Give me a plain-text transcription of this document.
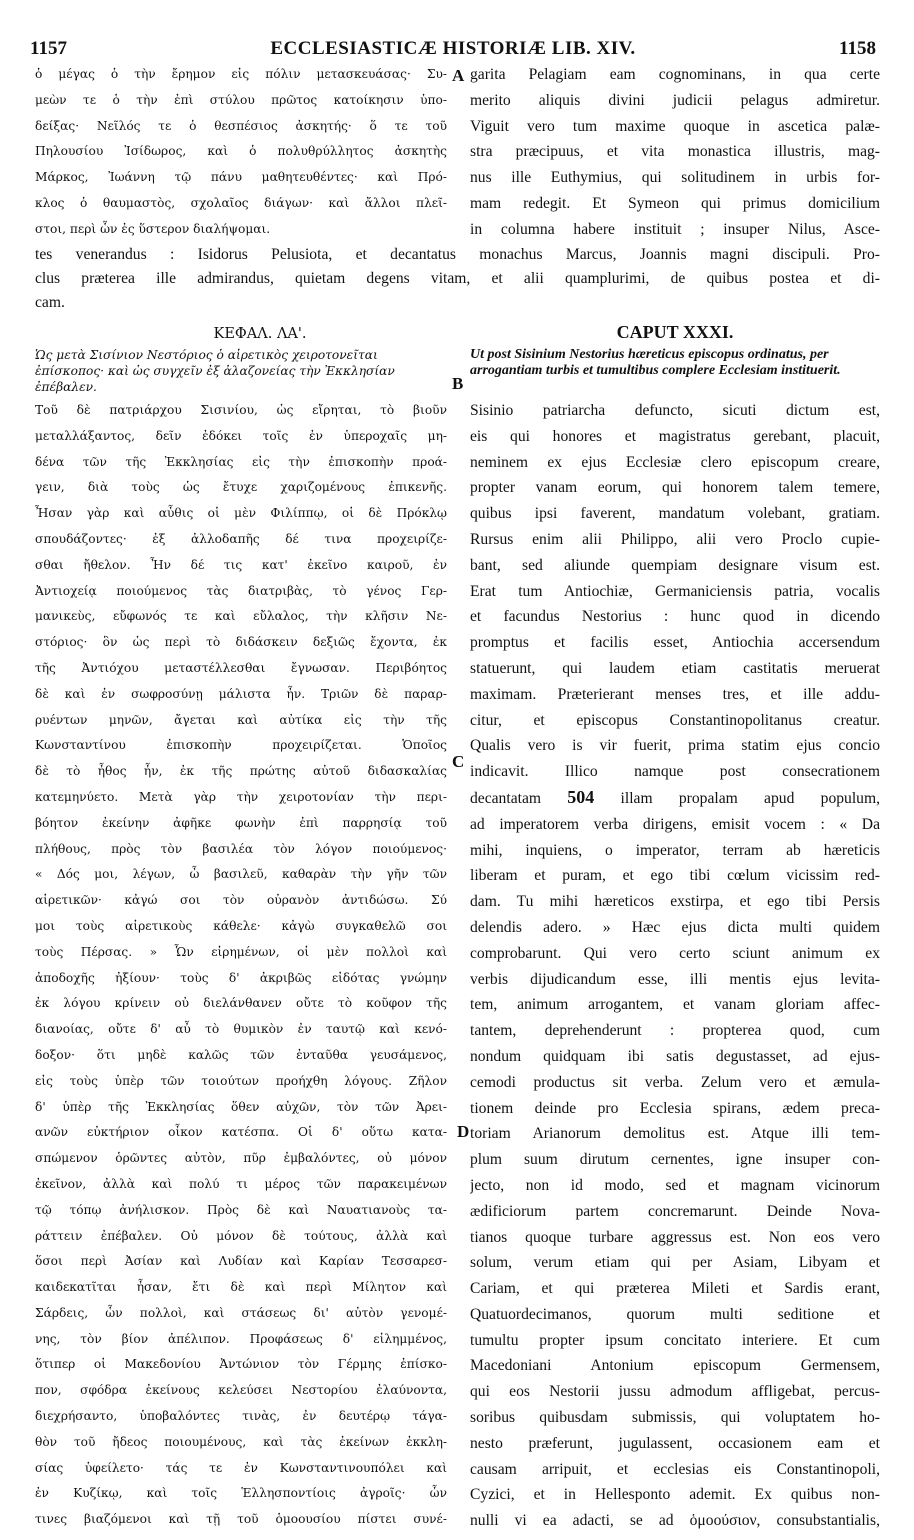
1157	ECCLESIASTICÆ HISTORIÆ LIB. XIV.	1158
ὁ μέγας ὁ τὴν ἔρημον εἰς πόλιν μετασκευάσας· Συ-
μεὼν τε ὁ τὴν ἐπὶ στύλου πρῶτος κατοίκησιν ὑπο-
δείξας· Νεῖλός τε ὁ θεσπέσιος ἀσκητής· ὅ τε τοῦ
Πηλουσίου Ἰσίδωρος, καὶ ὁ πολυθρύλλητος ἀσκητὴς
Μάρκος, Ἰωάννη τῷ πάνυ μαθητευθέντες· καὶ Πρό-
κλος ὁ θαυμαστὸς, σχολαῖος διάγων· καὶ ἄλλοι πλεῖ-
στοι, περὶ ὧν ἐς ὕστερον διαλήψομαι.
garita Pelagiam eam cognominans, in qua certe
merito aliquis divini judicii pelagus admiretur.
Viguit vero tum maxime quoque in ascetica palæ-
stra præcipuus, et vita monastica illustris, mag-
nus ille Euthymius, qui solitudinem in urbis for-
mam redegit. Et Symeon qui primus domicilium
in columna habere instituit ; insuper Nilus, Asce-
tes venerandus : Isidorus Pelusiota, et decantatus monachus Marcus, Joannis magni discipuli. Pro-
clus præterea ille admirandus, quietam degens vitam, et alii quamplurimi, de quibus postea et di-
cam.
A
B
C
D
ΚΕΦΑΛ. ΛΑ'.	CAPUT XXXI.
Ὡς μετὰ Σισίνιον Νεστόριος ὁ αἱρετικὸς χειροτονεῖται ἐπίσκοπος· καὶ ὡς συγχεῖν ἐξ ἀλαζονείας τὴν Ἐκκλησίαν ἐπέβαλεν.
Ut post Sisinium Nestorius hæreticus episcopus ordinatus, per arrogantiam turbis et tumultibus complere Ecclesiam instituerit.
Τοῦ δὲ πατριάρχου Σισινίου, ὡς εἴρηται, τὸ βιοῦν
μεταλλάξαντος, δεῖν ἐδόκει τοῖς ἐν ὑπεροχαῖς μη-
δένα τῶν τῆς Ἐκκλησίας εἰς τὴν ἐπισκοπὴν προά-
γειν, διὰ τοὺς ὡς ἔτυχε χαριζομένους ἐπικενῆς.
Ἦσαν γὰρ καὶ αὖθις οἱ μὲν Φιλίππῳ, οἱ δὲ Πρόκλῳ
σπουδάζοντες· ἐξ ἀλλοδαπῆς δέ τινα προχειρίζε-
σθαι ἤθελον. Ἦν δέ τις κατ' ἐκεῖνο καιροῦ, ἐν
Ἀντιοχείᾳ ποιούμενος τὰς διατριβὰς, τὸ γένος Γερ-
μανικεὺς, εὔφωνός τε καὶ εὔλαλος, τὴν κλῆσιν Νε-
στόριος· ὃν ὡς περὶ τὸ διδάσκειν δεξιῶς ἔχοντα, ἐκ
τῆς Ἀντιόχου μεταστέλλεσθαι ἔγνωσαν. Περιβόητος
δὲ καὶ ἐν σωφροσύνῃ μάλιστα ἦν. Τριῶν δὲ παραρ-
ρυέντων μηνῶν, ἄγεται καὶ αὐτίκα εἰς τὴν τῆς
Κωνσταντίνου ἐπισκοπὴν προχειρίζεται. Ὁποῖος
δὲ τὸ ἦθος ἦν, ἐκ τῆς πρώτης αὐτοῦ διδασκαλίας
κατεμηνύετο. Μετὰ γὰρ τὴν χειροτονίαν τὴν περι-
βόητον ἐκείνην ἀφῆκε φωνὴν ἐπὶ παρρησίᾳ τοῦ
πλήθους, πρὸς τὸν βασιλέα τὸν λόγον ποιούμενος·
« Δός μοι, λέγων, ὦ βασιλεῦ, καθαρὰν τὴν γῆν τῶν
αἱρετικῶν· κἀγώ σοι τὸν οὐρανὸν ἀντιδώσω. Σύ
μοι τοὺς αἱρετικοὺς κάθελε· κἀγὼ συγκαθελῶ σοι
τοὺς Πέρσας. » Ὧν εἰρημένων, οἱ μὲν πολλοὶ καὶ
ἀποδοχῆς ἠξίουν· τοὺς δ' ἀκριβῶς εἰδότας γνώμην
ἐκ λόγου κρίνειν οὐ διελάνθανεν οὔτε τὸ κοῦφον τῆς
διανοίας, οὔτε δ' αὖ τὸ θυμικὸν ἐν ταυτῷ καὶ κενό-
δοξον· ὅτι μηδὲ καλῶς τῶν ἐνταῦθα γευσάμενος,
εἰς τοὺς ὑπὲρ τῶν τοιούτων προήχθη λόγους. Ζῆλον
δ' ὑπὲρ τῆς Ἐκκλησίας ὅθεν αὐχῶν, τὸν τῶν Ἀρει-
ανῶν εὐκτήριον οἶκον κατέσπα. Οἱ δ' οὕτω κατα-
σπώμενον ὁρῶντες αὐτὸν, πῦρ ἐμβαλόντες, οὐ μόνον
ἐκεῖνον, ἀλλὰ καὶ πολύ τι μέρος τῶν παρακειμένων
τῷ τόπῳ ἀνήλισκον. Πρὸς δὲ καὶ Ναυατιανοὺς τα-
ράττειν ἐπέβαλεν. Οὐ μόνον δὲ τούτους, ἀλλὰ καὶ
ὅσοι περὶ Ἀσίαν καὶ Λυδίαν καὶ Καρίαν Τεσσαρεσ-
καιδεκατῖται ἦσαν, ἔτι δὲ καὶ περὶ Μίλητον καὶ
Σάρδεις, ὧν πολλοὶ, καὶ στάσεως δι' αὐτὸν γενομέ-
νης, τὸν βίον ἀπέλιπον. Προφάσεως δ' εἰλημμένος,
ὅτιπερ οἱ Μακεδονίου Ἀντώνιον τὸν Γέρμης ἐπίσκο-
πον, σφόδρα ἐκείνους κελεύσει Νεστορίου ἐλαύνοντα,
διεχρήσαντο, ὑποβαλόντες τινὰς, ἐν δευτέρῳ τάγα-
θὸν τοῦ ἤδεος ποιουμένους, καὶ τὰς ἐκείνων ἐκκλη-
σίας ὑφείλετο· τάς τε ἐν Κωνσταντινουπόλει καὶ
ἐν Κυζίκῳ, καὶ τοῖς Ἑλλησποντίοις ἀγροῖς· ὧν
τινες βιαζόμενοι καὶ τῇ τοῦ ὁμοουσίου πίστει συνέ-
Sisinio patriarcha defuncto, sicuti dictum est,
eis qui honores et magistratus gerebant, placuit,
neminem ex ejus Ecclesiæ clero episcopum creare,
propter vanam eorum, qui honorem talem temere,
quibus ipsi faverent, mandatum volebant, gratiam.
Rursus enim alii Philippo, alii vero Proclo cupie-
bant, sed aliunde quempiam designare visum est.
Erat tum Antiochiæ, Germaniciensis patria, vocalis
et facundus Nestorius : hunc quod in dicendo
promptus et facilis esset, Antiochia accersendum
statuerunt, qui laudem etiam castitatis meruerat
maximam. Præterierant menses tres, et ille addu-
citur, et episcopus Constantinopolitanus creatur.
Qualis vero is vir fuerit, prima statim ejus concio
indicavit. Illico namque post consecrationem
decantatam 504 illam propalam apud populum,
ad imperatorem verba dirigens, emisit vocem : « Da
mihi, inquiens, o imperator, terram ab hæreticis
liberam et puram, et ego tibi cœlum vicissim red-
dam. Tu mihi hæreticos exstirpa, et ego tibi Persis
delendis adero. » Hæc ejus dicta multi quidem
comprobarunt. Qui vero certo sciunt animum ex
verbis dijudicandum esse, illi mentis ejus levita-
tem, animum arrogantem, et vanam gloriam affec-
tantem, deprehenderunt : propterea quod, cum
nondum quidquam ibi satis degustasset, ad ejus-
cemodi productus sit verba. Zelum vero et æmula-
tionem deinde pro Ecclesia spirans, ædem preca-
toriam Arianorum demolitus est. Atque illi tem-
plum suum dirutum cernentes, igne insuper con-
jecto, non id modo, sed et magnam vicinorum
ædificiorum partem concremarunt. Deinde Nova-
tianos quoque turbare aggressus est. Non eos vero
solum, verum etiam qui per Asiam, Libyam et
Cariam, et qui præterea Mileti et Sardis erant,
Quatuordecimanos, quorum multi seditione et
tumultu propter ipsum concitato interiere. Et cum
Macedoniani Antonium episcopum Germensem,
qui eos Nestorii jussu admodum affligebat, percus-
soribus quibusdam submissis, qui voluptatem ho-
nesto præferunt, jugulassent, occasionem eam et
causam arripuit, et ecclesias eis Constantinopoli,
Cyzici, et in Hellesponto ademit. Ex quibus non-
nulli vi ea adacti, se ad ὁμοούσιον, consubstantialis,
